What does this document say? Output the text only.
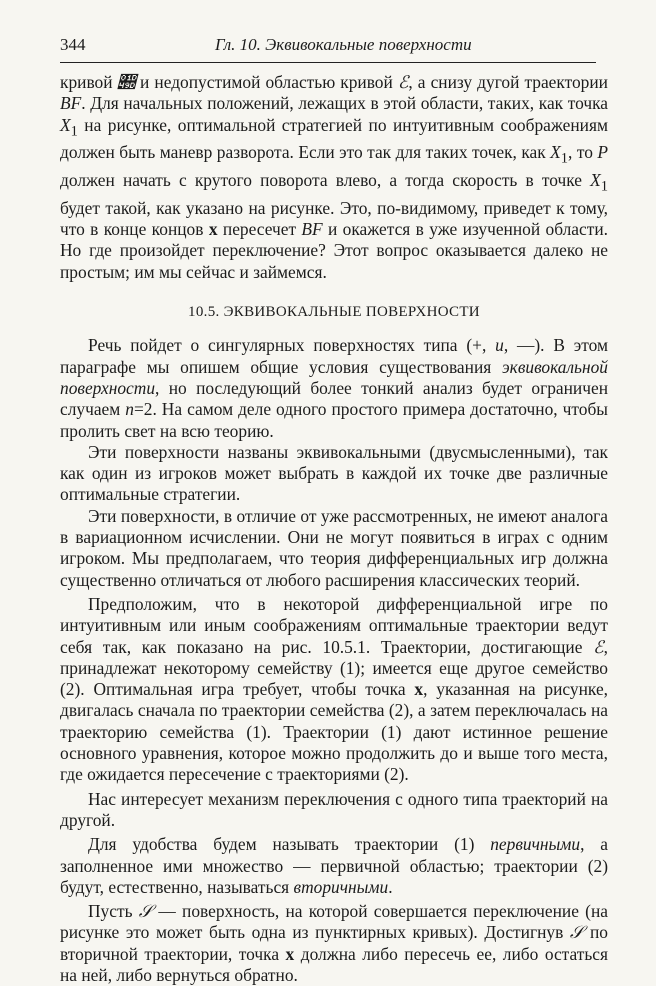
344	Гл. 10. Эквивокальные поверхности

кривой 𝒝 и недопустимой областью кривой ℰ, а снизу дугой траектории BF. Для начальных положений, лежащих в этой области, таких, как точка $X_1$ на рисунке, оптимальной стратегией по интуитивным соображениям должен быть маневр разворота. Если это так для таких точек, как $X_1$, то P должен начать с крутого поворота влево, а тогда скорость в точке $X_1$ будет такой, как указано на рисунке. Это, по-видимому, приведет к тому, что в конце концов x пересечет BF и окажется в уже изученной области. Но где произойдет переключение? Этот вопрос оказывается далеко не простым; им мы сейчас и займемся.

10.5. ЭКВИВОКАЛЬНЫЕ ПОВЕРХНОСТИ

Речь пойдет о сингулярных поверхностях типа (+, u, —). В этом параграфе мы опишем общие условия существования эквивокальной поверхности, но последующий более тонкий анализ будет ограничен случаем n=2. На самом деле одного простого примера достаточно, чтобы пролить свет на всю теорию.

Эти поверхности названы эквивокальными (двусмысленными), так как один из игроков может выбрать в каждой их точке две различные оптимальные стратегии.

Эти поверхности, в отличие от уже рассмотренных, не имеют аналога в вариационном исчислении. Они не могут появиться в играх с одним игроком. Мы предполагаем, что теория дифференциальных игр должна существенно отличаться от любого расширения классических теорий.

Предположим, что в некоторой дифференциальной игре по интуитивным или иным соображениям оптимальные траектории ведут себя так, как показано на рис. 10.5.1. Траектории, достигающие ℰ, принадлежат некоторому семейству (1); имеется еще другое семейство (2). Оптимальная игра требует, чтобы точка x, указанная на рисунке, двигалась сначала по траектории семейства (2), а затем переключалась на траекторию семейства (1). Траектории (1) дают истинное решение основного уравнения, которое можно продолжить до и выше того места, где ожидается пересечение с траекториями (2).

Нас интересует механизм переключения с одного типа траекторий на другой.

Для удобства будем называть траектории (1) первичными, а заполненное ими множество — первичной областью; траектории (2) будут, естественно, называться вторичными.

Пусть 𝒮 — поверхность, на которой совершается переключение (на рисунке это может быть одна из пунктирных кривых). Достигнув 𝒮 по вторичной траектории, точка x должна либо пересечь ее, либо остаться на ней, либо вернуться обратно.
